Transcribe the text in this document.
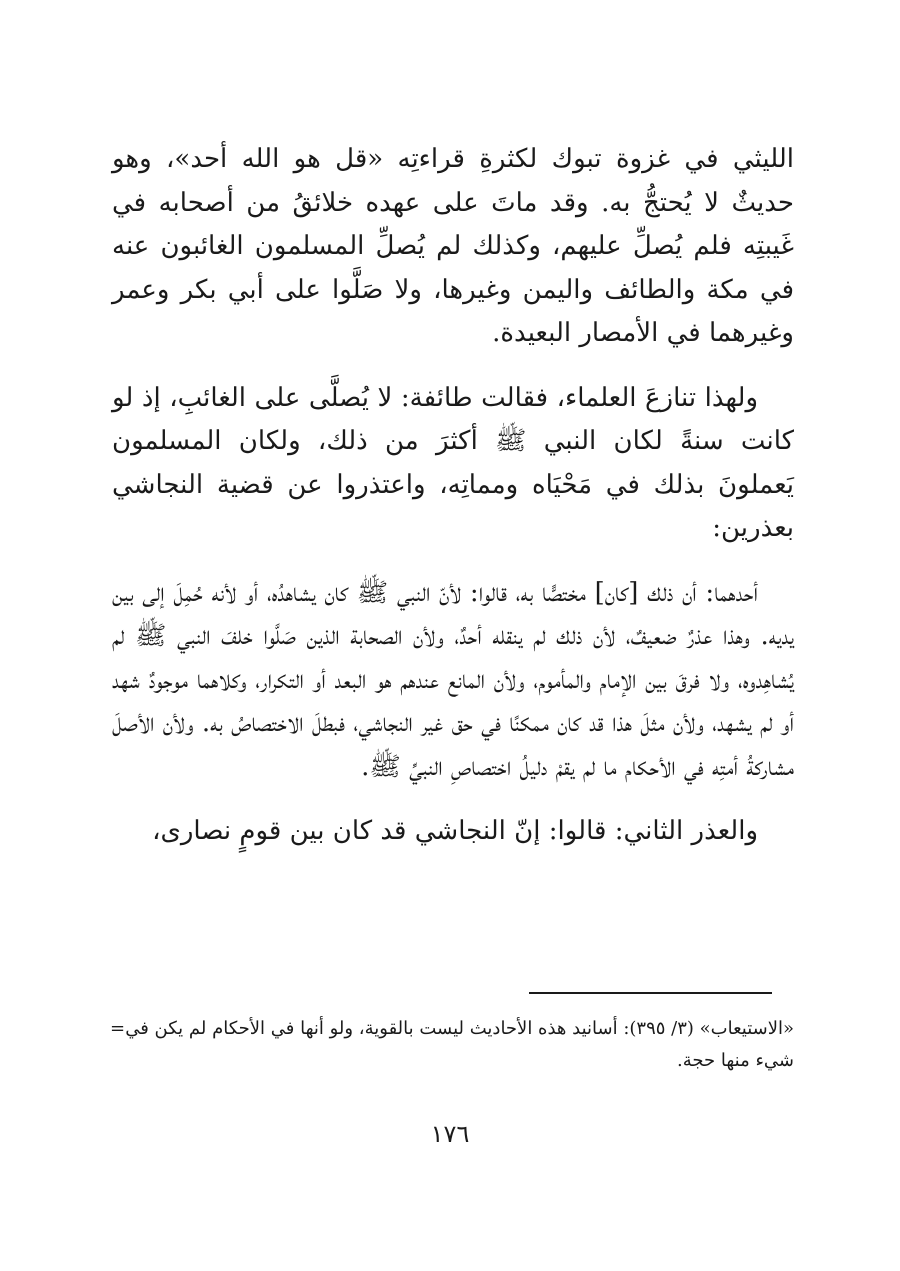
الليثي في غزوة تبوك لكثرةِ قراءتِه «قل هو الله أحد»، وهو حديثٌ لا يُحتجُّ به. وقد ماتَ على عهده خلائقُ من أصحابه في غَيبتِه فلم يُصلِّ عليهم، وكذلك لم يُصلِّ المسلمون الغائبون عنه في مكة والطائف واليمن وغيرها، ولا صَلَّوا على أبي بكر وعمر وغيرهما في الأمصار البعيدة.

ولهذا تنازعَ العلماء، فقالت طائفة: لا يُصلَّى على الغائبِ، إذ لو كانت سنةً لكان النبي ﷺ أكثرَ من ذلك، ولكان المسلمون يَعملونَ بذلك في مَحْيَاه ومماتِه، واعتذروا عن قضية النجاشي بعذرين:

أحدهما: أن ذلك [كان] مختصًّا به، قالوا: لأنّ النبي ﷺ كان يشاهدُه، أو لأنه حُمِلَ إلى بين يديه. وهذا عذرٌ ضعيفٌ، لأن ذلك لم ينقله أحدٌ، ولأن الصحابة الذين صَلَّوا خلفَ النبي ﷺ لم يُشاهِدوه، ولا فرقَ بين الإمام والمأموم، ولأن المانع عندهم هو البعد أو التكرار، وكلاهما موجودٌ شهد أو لم يشهد، ولأن مثلَ هذا قد كان ممكنًا في حق غير النجاشي، فبطلَ الاختصاصُ به. ولأن الأصلَ مشاركةُ أمتِه في الأحكام ما لم يقمْ دليلُ اختصاصِ النبيِّ ﷺ.

والعذر الثاني: قالوا: إنّ النجاشي قد كان بين قومٍ نصارى،

= «الاستيعاب» (٣/ ٣٩٥): أسانيد هذه الأحاديث ليست بالقوية، ولو أنها في الأحكام لم يكن في شيء منها حجة.
١٧٦
